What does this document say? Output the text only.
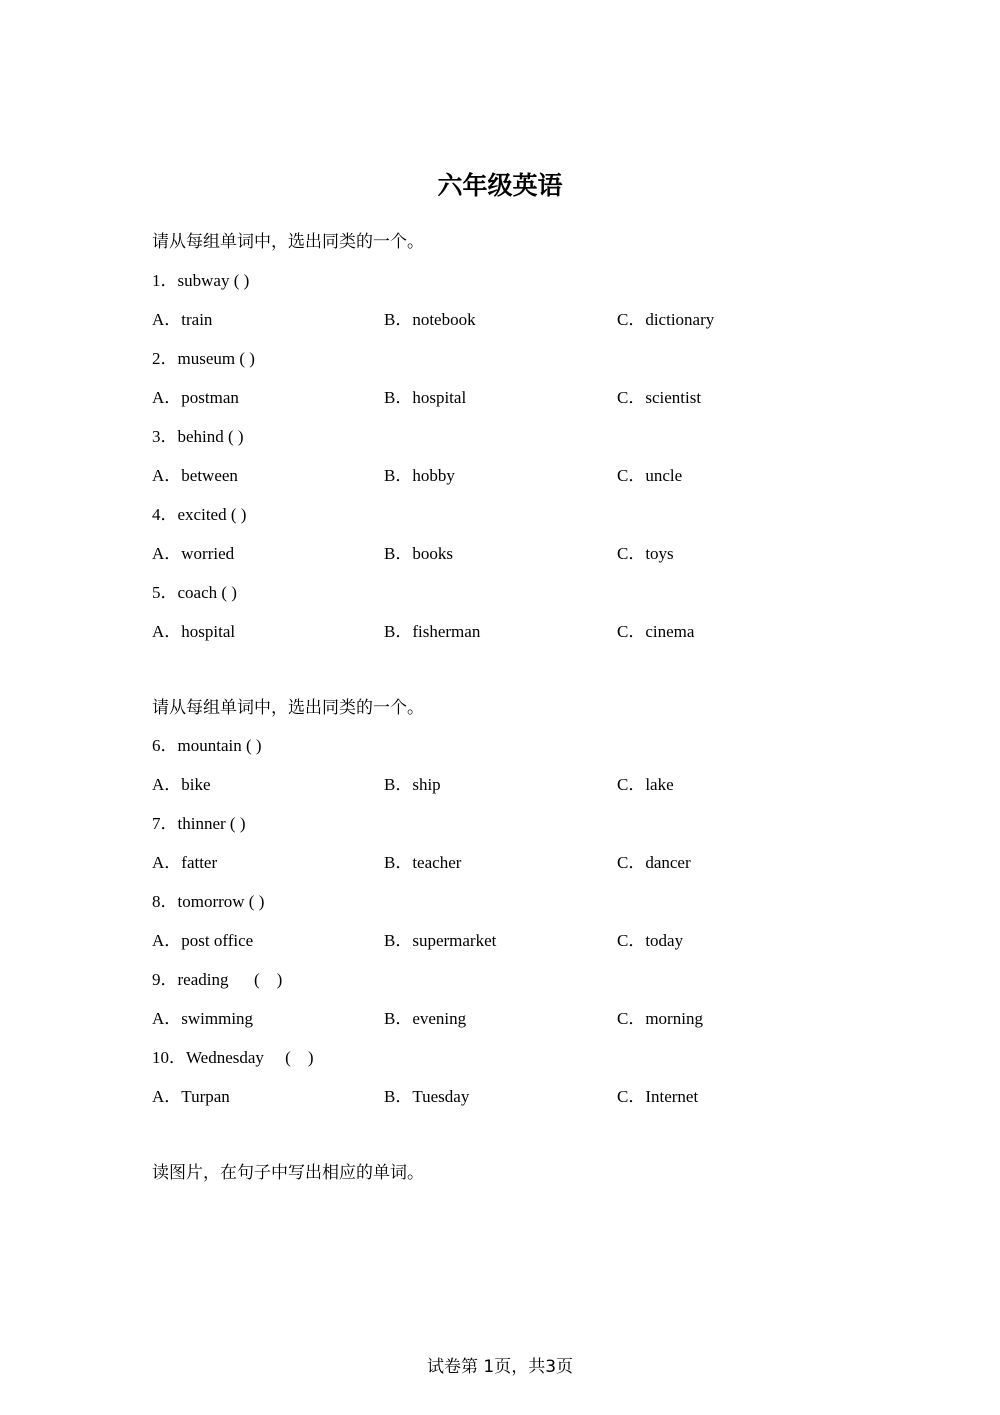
六年级英语
请从每组单词中，选出同类的一个。
1．subway ( )
A．train	B．notebook	C．dictionary
2．museum ( )
A．postman	B．hospital	C．scientist
3．behind ( )
A．between	B．hobby	C．uncle
4．excited ( )
A．worried	B．books	C．toys
5．coach ( )
A．hospital	B．fisherman	C．cinema
请从每组单词中，选出同类的一个。
6．mountain ( )
A．bike	B．ship	C．lake
7．thinner ( )
A．fatter	B．teacher	C．dancer
8．tomorrow ( )
A．post office	B．supermarket	C．today
9．reading      (    )
A．swimming	B．evening	C．morning
10．Wednesday     (    )
A．Turpan	B．Tuesday	C．Internet
读图片，在句子中写出相应的单词。
试卷第 1页，共3页
